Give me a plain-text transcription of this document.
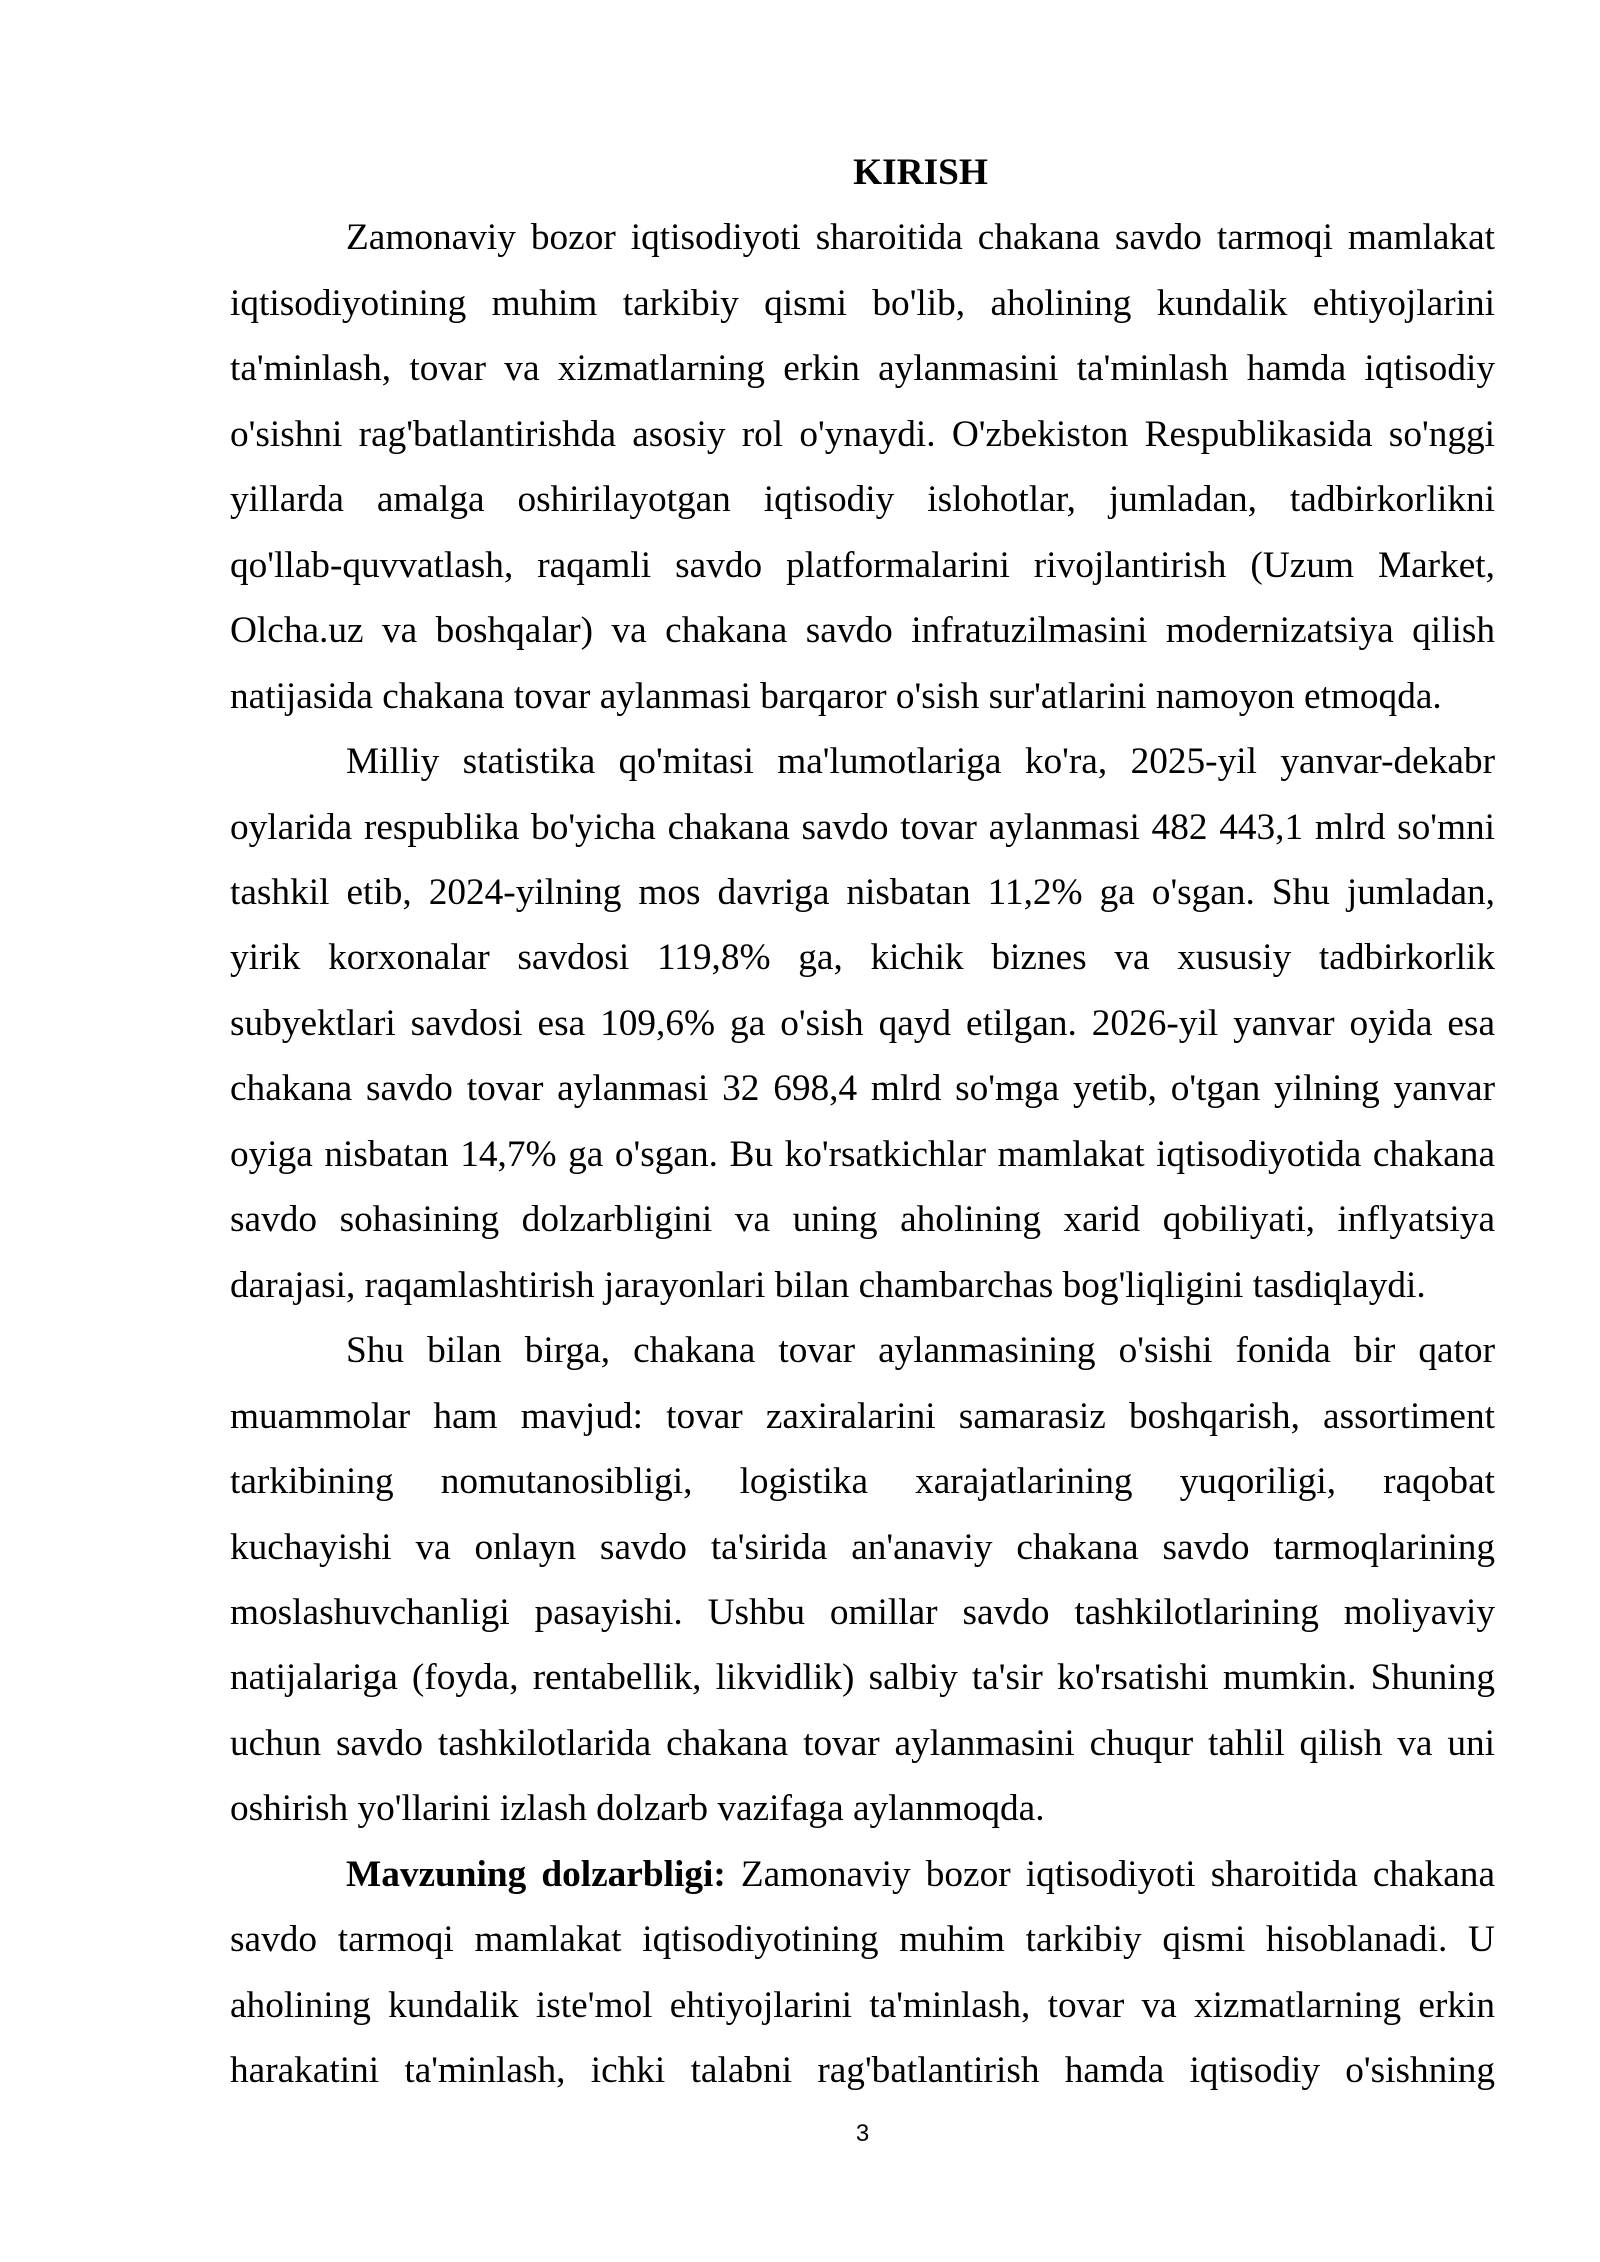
KIRISH
Zamonaviy bozor iqtisodiyoti sharoitida chakana savdo tarmoqi mamlakat
iqtisodiyotining muhim tarkibiy qismi bo'lib, aholining kundalik ehtiyojlarini
ta'minlash, tovar va xizmatlarning erkin aylanmasini ta'minlash hamda iqtisodiy
o'sishni rag'batlantirishda asosiy rol o'ynaydi. O'zbekiston Respublikasida so'nggi
yillarda amalga oshirilayotgan iqtisodiy islohotlar, jumladan, tadbirkorlikni
qo'llab-quvvatlash, raqamli savdo platformalarini rivojlantirish (Uzum Market,
Olcha.uz va boshqalar) va chakana savdo infratuzilmasini modernizatsiya qilish
natijasida chakana tovar aylanmasi barqaror o'sish sur'atlarini namoyon etmoqda.
Milliy statistika qo'mitasi ma'lumotlariga ko'ra, 2025-yil yanvar-dekabr
oylarida respublika bo'yicha chakana savdo tovar aylanmasi 482 443,1 mlrd so'mni
tashkil etib, 2024-yilning mos davriga nisbatan 11,2% ga o'sgan. Shu jumladan,
yirik korxonalar savdosi 119,8% ga, kichik biznes va xususiy tadbirkorlik
subyektlari savdosi esa 109,6% ga o'sish qayd etilgan. 2026-yil yanvar oyida esa
chakana savdo tovar aylanmasi 32 698,4 mlrd so'mga yetib, o'tgan yilning yanvar
oyiga nisbatan 14,7% ga o'sgan. Bu ko'rsatkichlar mamlakat iqtisodiyotida chakana
savdo sohasining dolzarbligini va uning aholining xarid qobiliyati, inflyatsiya
darajasi, raqamlashtirish jarayonlari bilan chambarchas bog'liqligini tasdiqlaydi.
Shu bilan birga, chakana tovar aylanmasining o'sishi fonida bir qator
muammolar ham mavjud: tovar zaxiralarini samarasiz boshqarish, assortiment
tarkibining nomutanosibligi, logistika xarajatlarining yuqoriligi, raqobat
kuchayishi va onlayn savdo ta'sirida an'anaviy chakana savdo tarmoqlarining
moslashuvchanligi pasayishi. Ushbu omillar savdo tashkilotlarining moliyaviy
natijalariga (foyda, rentabellik, likvidlik) salbiy ta'sir ko'rsatishi mumkin. Shuning
uchun savdo tashkilotlarida chakana tovar aylanmasini chuqur tahlil qilish va uni
oshirish yo'llarini izlash dolzarb vazifaga aylanmoqda.
Mavzuning dolzarbligi: Zamonaviy bozor iqtisodiyoti sharoitida chakana
savdo tarmoqi mamlakat iqtisodiyotining muhim tarkibiy qismi hisoblanadi. U
aholining kundalik iste'mol ehtiyojlarini ta'minlash, tovar va xizmatlarning erkin
harakatini ta'minlash, ichki talabni rag'batlantirish hamda iqtisodiy o'sishning
3
